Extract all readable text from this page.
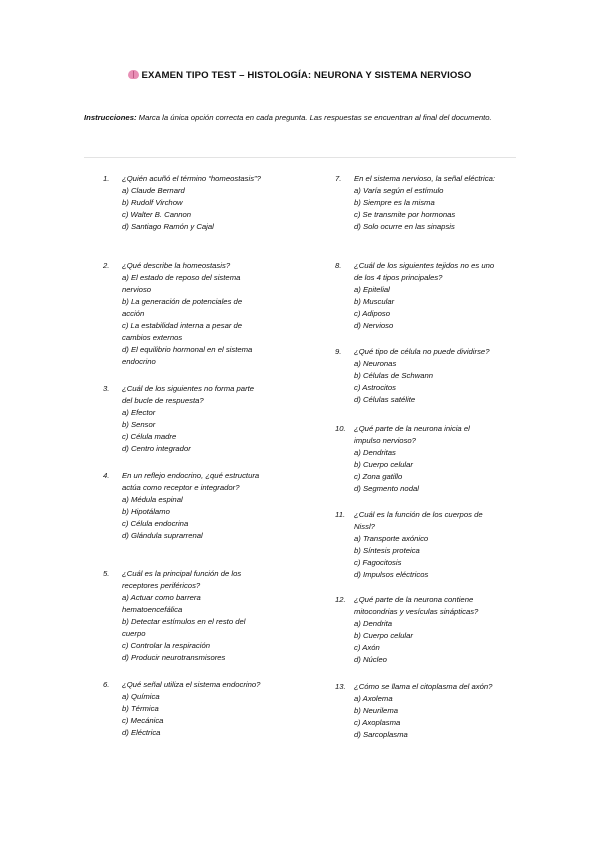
EXAMEN TIPO TEST – HISTOLOGÍA: NEURONA Y SISTEMA NERVIOSO
Instrucciones: Marca la única opción correcta en cada pregunta. Las respuestas se encuentran al final del documento.
1.	¿Quién acuñó el término “homeostasis”?
a) Claude Bernard
b) Rudolf Virchow
c) Walter B. Cannon
d) Santiago Ramón y Cajal
2.	¿Qué describe la homeostasis?
a) El estado de reposo del sistema nervioso
b) La generación de potenciales de acción
c) La estabilidad interna a pesar de cambios externos
d) El equilibrio hormonal en el sistema endocrino
3.	¿Cuál de los siguientes no forma parte del bucle de respuesta?
a) Efector
b) Sensor
c) Célula madre
d) Centro integrador
4.	En un reflejo endocrino, ¿qué estructura actúa como receptor e integrador?
a) Médula espinal
b) Hipotálamo
c) Célula endocrina
d) Glándula suprarrenal
5.	¿Cuál es la principal función de los receptores periféricos?
a) Actuar como barrera hematoencefálica
b) Detectar estímulos en el resto del cuerpo
c) Controlar la respiración
d) Producir neurotransmisores
6.	¿Qué señal utiliza el sistema endocrino?
a) Química
b) Térmica
c) Mecánica
d) Eléctrica
7.	En el sistema nervioso, la señal eléctrica:
a) Varía según el estímulo
b) Siempre es la misma
c) Se transmite por hormonas
d) Solo ocurre en las sinapsis
8.	¿Cuál de los siguientes tejidos no es uno de los 4 tipos principales?
a) Epitelial
b) Muscular
c) Adiposo
d) Nervioso
9.	¿Qué tipo de célula no puede dividirse?
a) Neuronas
b) Células de Schwann
c) Astrocitos
d) Células satélite
10.	¿Qué parte de la neurona inicia el impulso nervioso?
a) Dendritas
b) Cuerpo celular
c) Zona gatillo
d) Segmento nodal
11.	¿Cuál es la función de los cuerpos de Nissl?
a) Transporte axónico
b) Síntesis proteica
c) Fagocitosis
d) Impulsos eléctricos
12.	¿Qué parte de la neurona contiene mitocondrias y vesículas sinápticas?
a) Dendrita
b) Cuerpo celular
c) Axón
d) Núcleo
13.	¿Cómo se llama el citoplasma del axón?
a) Axolema
b) Neurilema
c) Axoplasma
d) Sarcoplasma
